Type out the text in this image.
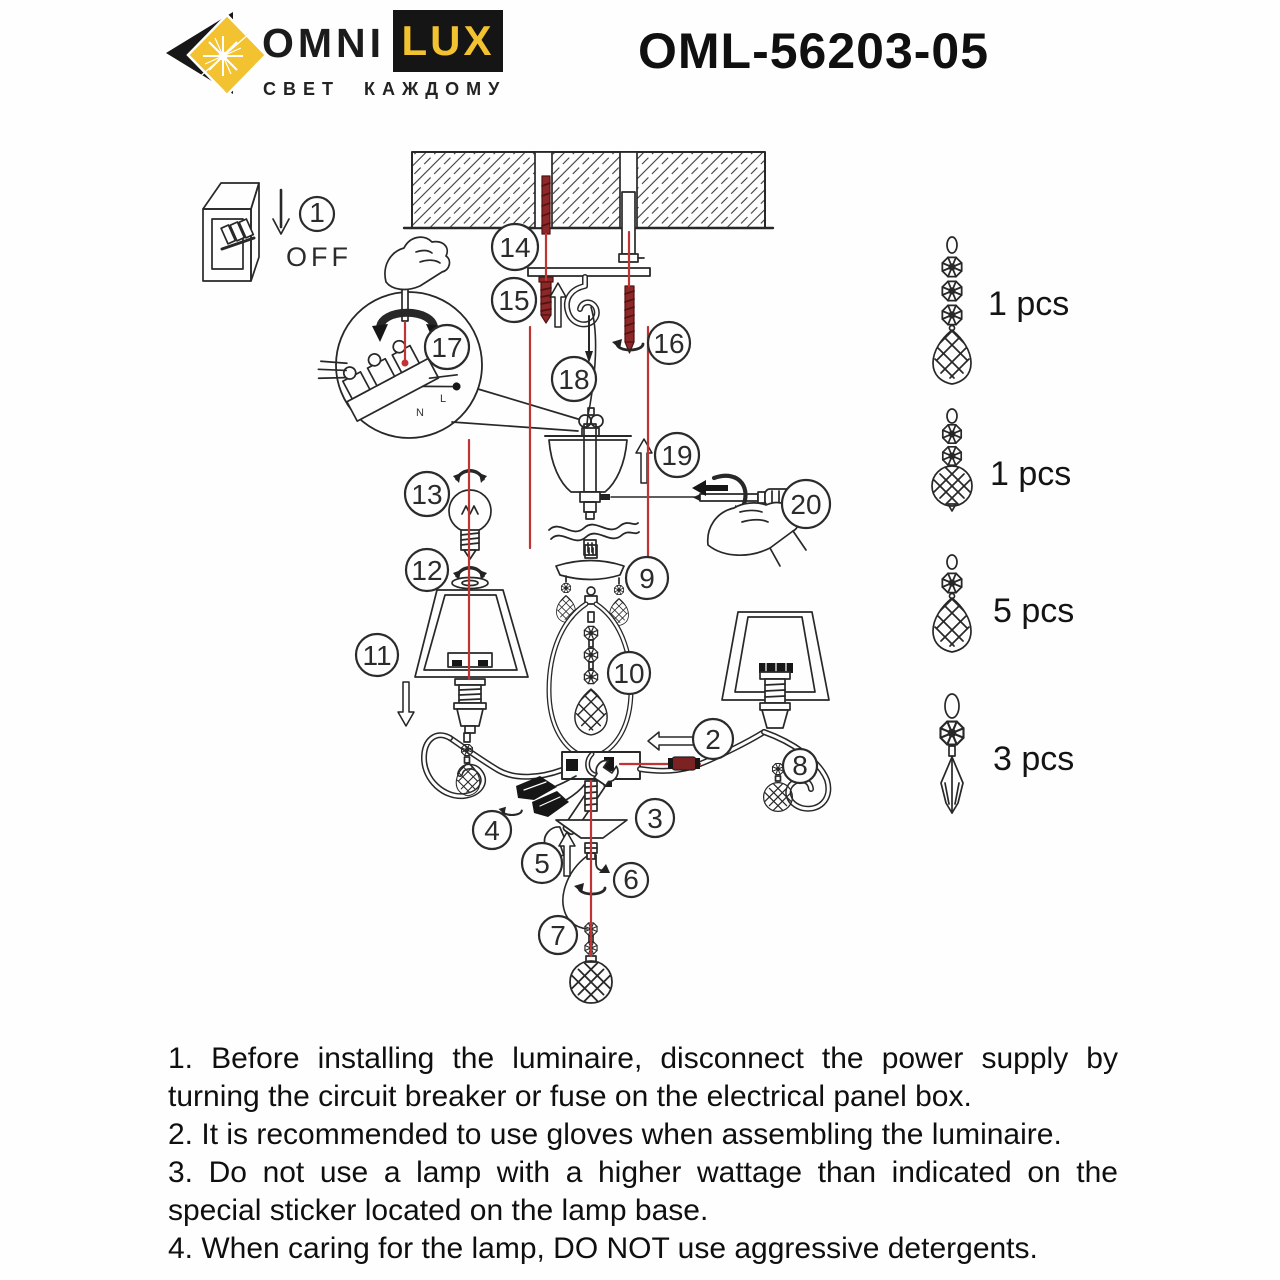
OMNI LUX
СВЕТ КАЖДОМУ
OML-56203-05
OFF
L
N
1 pcs
1 pcs
5 pcs
3 pcs
1
2
3
4
5
6
7
8
9
10
11
12
13
14
15
16
17
18
19
20

1. Before installing the luminaire, disconnect the power supply by turning the circuit breaker or fuse on the electrical panel box.

2. It is recommended to use gloves when assembling the luminaire.

3. Do not use a lamp with a higher wattage than indicated on the special sticker located on the lamp base.

4. When caring for the lamp, DO NOT use aggressive detergents.
